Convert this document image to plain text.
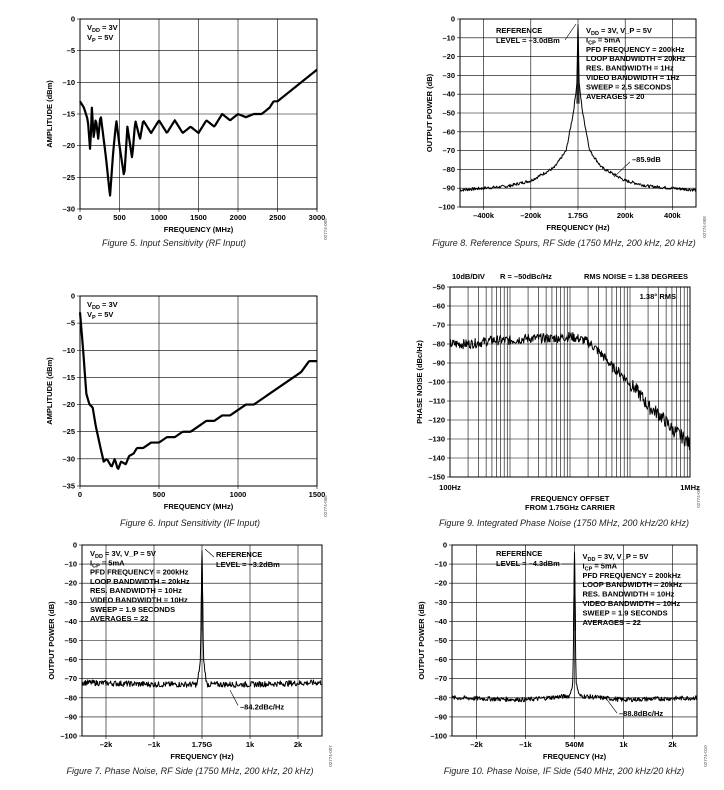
0
–5
–10
–15
–20
–25
–30
0	500	1000	1500	2000	2500	3000
FREQUENCY (MHz)
AMPLITUDE (dBm)
02774-005
Figure 5. Input Sensitivity (RF Input)
$V_{DD} = 3V$
$V_P = 5V$
0
–10
–20
–30
–40
–50
–60
–70
–80
–90
–100
–400k	–200k	1.75G	200k	400k
FREQUENCY (Hz)
OUTPUT POWER (dB)
02774-008
Figure 8. Reference Spurs, RF Side (1750 MHz, 200 kHz, 20 kHz)
REFERENCE
LEVEL = –3.0dBm
$V_{DD} = 3V$, V_P = 5V
$I_{CP} = 5mA$
PFD FREQUENCY = 200kHz
LOOP BANDWIDTH = 20kHz
RES. BANDWIDTH = 1Hz
VIDEO BANDWIDTH = 1Hz
SWEEP = 2.5 SECONDS
AVERAGES = 20
–85.9dB
0
–5
–10
–15
–20
–25
–30
–35
0	500	1000	1500
FREQUENCY (MHz)
AMPLITUDE (dBm)
02774-006
Figure 6. Input Sensitivity (IF Input)
$V_{DD} = 3V$
$V_P = 5V$
–50
–60
–70
–80
–90
–100
–110
–120
–130
–140
–150
100Hz	1MHz
FREQUENCY OFFSET
FROM 1.75GHz CARRIER
PHASE NOISE (dBc/Hz)
10dB/DIV R = –50dBc/Hz	RMS NOISE = 1.38 DEGREES
02774-009
Figure 9. Integrated Phase Noise (1750 MHz, 200 kHz/20 kHz)
1.38° RMS
0
–10
–20
–30
–40
–50
–60
–70
–80
–90
–100
–2k	–1k	1.75G	1k	2k
FREQUENCY (Hz)
OUTPUT POWER (dB)
02774-007
Figure 7. Phase Noise, RF Side (1750 MHz, 200 kHz, 20 kHz)
$V_{DD} = 3V$, V_P = 5V
$I_{CP} = 5mA$
PFD FREQUENCY = 200kHz
LOOP BANDWIDTH = 20kHz
RES. BANDWIDTH = 10Hz
VIDEO BANDWIDTH = 10Hz
SWEEP = 1.9 SECONDS
AVERAGES = 22
REFERENCE
LEVEL = –3.2dBm
–84.2dBc/Hz
0
–10
–20
–30
–40
–50
–60
–70
–80
–90
–100
–2k	–1k	540M	1k	2k
FREQUENCY (Hz)
OUTPUT POWER (dB)
02774-010
Figure 10. Phase Noise, IF Side (540 MHz, 200 kHz/20 kHz)
REFERENCE
LEVEL = –4.3dBm
$V_{DD} = 3V$, V_P = 5V
$I_{CP} = 5mA$
PFD FREQUENCY = 200kHz
LOOP BANDWIDTH = 20kHz
RES. BANDWIDTH = 10Hz
VIDEO BANDWIDTH = 10Hz
SWEEP = 1.9 SECONDS
AVERAGES = 22
–88.8dBc/Hz
